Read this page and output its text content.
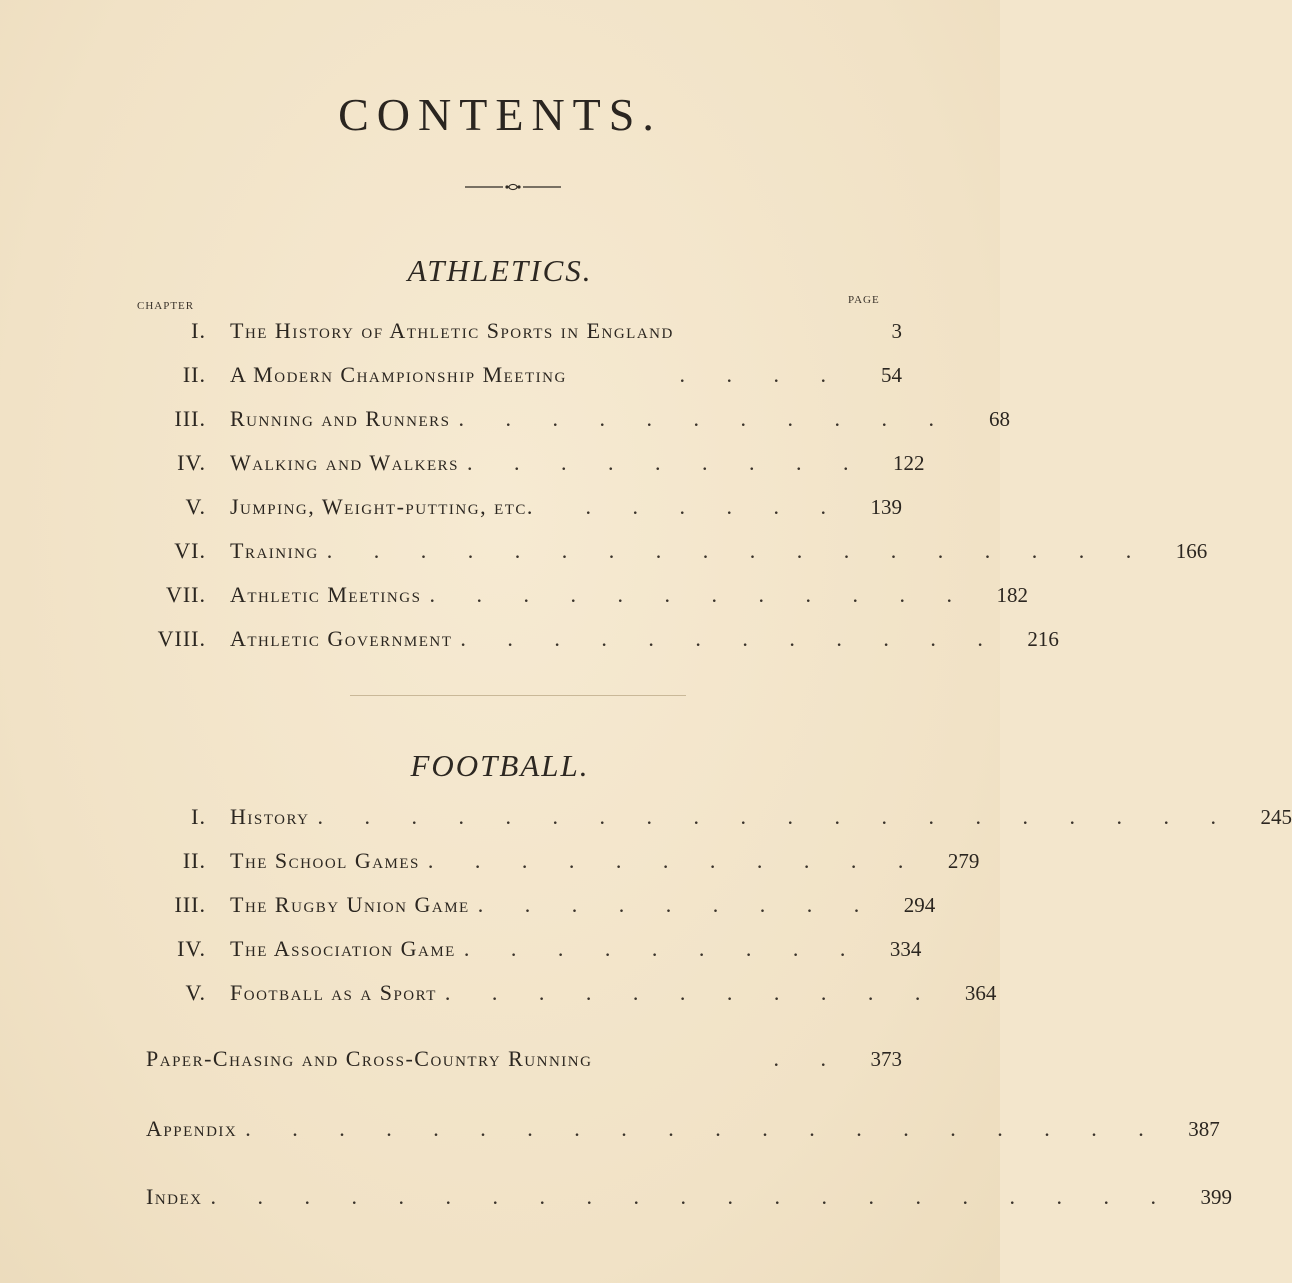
CONTENTS.
ATHLETICS.
CHAPTER	PAGE
I. The History of Athletic Sports in England	3
II. A Modern Championship Meeting	. . . .	54
III. Running and Runners . . . . . . . . . . .	68
IV. Walking and Walkers . . . . . . . . .	122
V. Jumping, Weight-putting, etc.	. . . . . .	139
VI. Training . . . . . . . . . . . . . . . . . .	166
VII. Athletic Meetings . . . . . . . . . . . .	182
VIII. Athletic Government . . . . . . . . . . . .	216
FOOTBALL.
I. History . . . . . . . . . . . . . . . . . . . .	245
II. The School Games . . . . . . . . . . .	279
III. The Rugby Union Game . . . . . . . . .	294
IV. The Association Game . . . . . . . . .	334
V. Football as a Sport . . . . . . . . . . .	364
Paper-Chasing and Cross-Country Running	. .	373
Appendix . . . . . . . . . . . . . . . . . . . .	387
Index . . . . . . . . . . . . . . . . . . . . .	399
